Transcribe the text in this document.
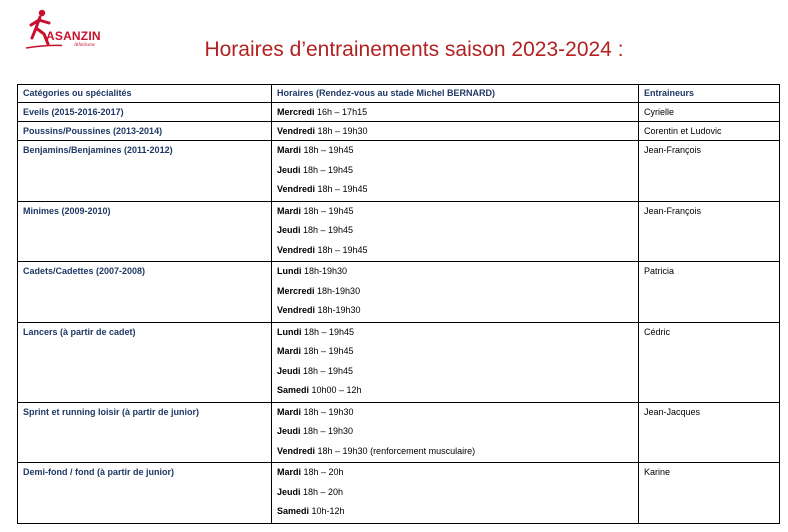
ASANZIN
Athlétisme	Horaires d’entrainements saison 2023-2024 :
Catégories ou spécialités	Horaires (Rendez-vous au stade Michel BERNARD)	Entraineurs
Eveils (2015-2016-2017)	Mercredi 16h – 17h15	Cyrielle
Poussins/Poussines (2013-2014)	Vendredi 18h – 19h30	Corentin et Ludovic
Benjamins/Benjamines (2011-2012)	Mardi 18h – 19h45
Jeudi 18h – 19h45
Vendredi 18h – 19h45	Jean-François
Minimes (2009-2010)	Mardi 18h – 19h45
Jeudi 18h – 19h45
Vendredi 18h – 19h45	Jean-François
Cadets/Cadettes (2007-2008)	Lundi 18h-19h30
Mercredi 18h-19h30
Vendredi 18h-19h30	Patricia
Lancers (à partir de cadet)	Lundi 18h – 19h45
Mardi 18h – 19h45
Jeudi 18h – 19h45
Samedi 10h00 – 12h	Cédric
Sprint et running loisir (à partir de junior)	Mardi 18h – 19h30
Jeudi 18h – 19h30
Vendredi 18h – 19h30 (renforcement musculaire)	Jean-Jacques
Demi-fond / fond (à partir de junior)	Mardi 18h – 20h
Jeudi 18h – 20h
Samedi 10h-12h	Karine
